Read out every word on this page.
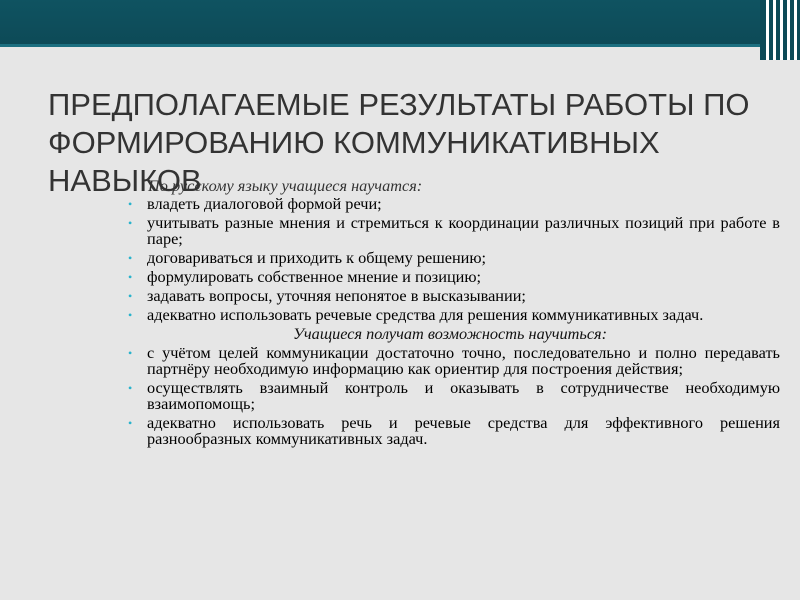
ПРЕДПОЛАГАЕМЫЕ РЕЗУЛЬТАТЫ РАБОТЫ ПО ФОРМИРОВАНИЮ КОММУНИКАТИВНЫХ НАВЫКОВ
По русскому языку учащиеся научатся:
• владеть диалоговой формой речи;
• учитывать разные мнения и стремиться к координации различных позиций при работе в паре;
• договариваться и приходить к общему решению;
• формулировать собственное мнение и позицию;
• задавать вопросы, уточняя непонятое в высказывании;
• адекватно использовать речевые средства для решения коммуникативных задач.
Учащиеся получат возможность научиться:
• с учётом целей коммуникации достаточно точно, последовательно и полно передавать партнёру необходимую информацию как ориентир для построения действия;
• осуществлять взаимный контроль и оказывать в сотрудничестве необходимую взаимопомощь;
• адекватно использовать речь и речевые средства для эффективного решения разнообразных коммуникативных задач.
